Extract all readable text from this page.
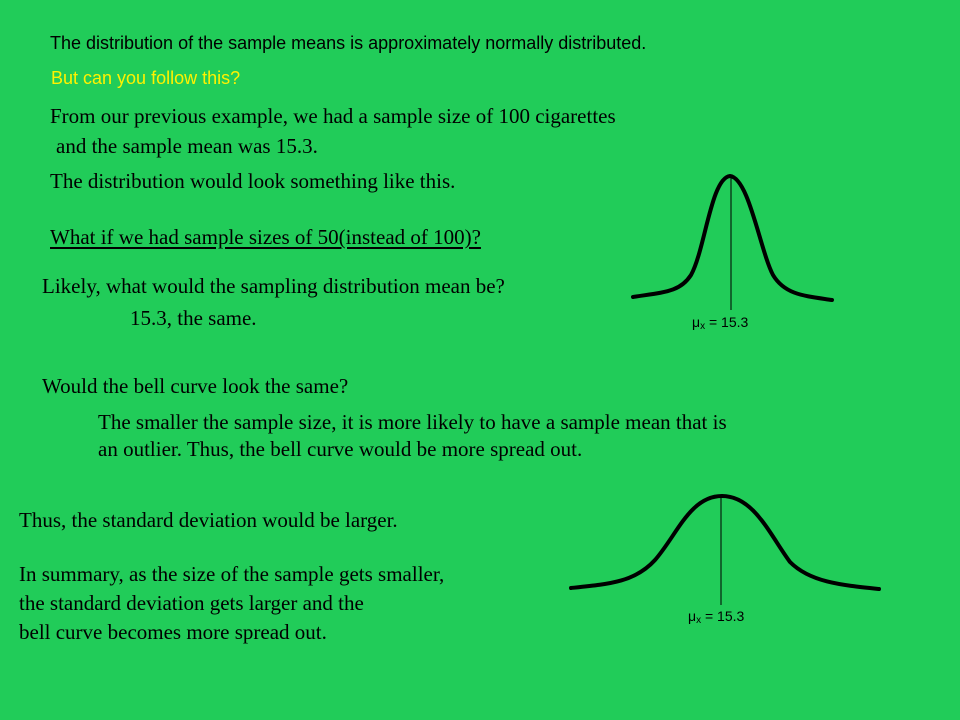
The distribution of the sample means is approximately normally distributed.

But can you follow this?

From our previous example, we had a sample size of 100 cigarettes

and the sample mean was 15.3.

The distribution would look something like this.

What if we had sample sizes of 50(instead of 100)?

Likely, what would the sampling distribution mean be?

15.3, the same.

Would the bell curve look the same?

The smaller the sample size, it is more likely to have a sample mean that is

an outlier. Thus, the bell curve would be more spread out.

Thus, the standard deviation would be larger.

In summary, as the size of the sample gets smaller,

the standard deviation gets larger and the

bell curve becomes more spread out.

$\mu_x = 15.3$
$\mu_x = 15.3$
